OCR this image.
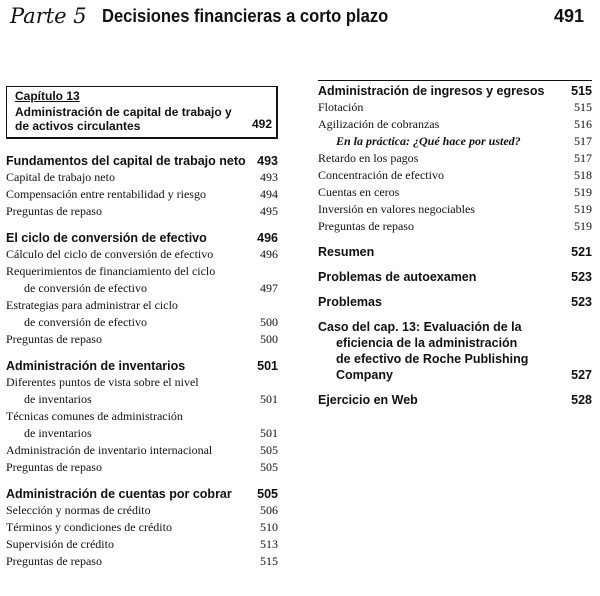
Parte 5 Decisiones financieras a corto plazo	491
Capítulo 13
Administración de capital de trabajo y de activos circulantes	492
Fundamentos del capital de trabajo neto 493
Capital de trabajo neto	493
Compensación entre rentabilidad y riesgo	494
Preguntas de repaso	495
El ciclo de conversión de efectivo	496
Cálculo del ciclo de conversión de efectivo	496
Requerimientos de financiamiento del ciclo
de conversión de efectivo	497
Estrategias para administrar el ciclo
de conversión de efectivo	500
Preguntas de repaso	500
Administración de inventarios	501
Diferentes puntos de vista sobre el nivel
de inventarios	501
Técnicas comunes de administración
de inventarios	501
Administración de inventario internacional	505
Preguntas de repaso	505
Administración de cuentas por cobrar	505
Selección y normas de crédito	506
Términos y condiciones de crédito	510
Supervisión de crédito	513
Preguntas de repaso	515
Administración de ingresos y egresos	515
Flotación	515
Agilización de cobranzas	516
En la práctica: ¿Qué hace por usted?	517
Retardo en los pagos	517
Concentración de efectivo	518
Cuentas en ceros	519
Inversión en valores negociables	519
Preguntas de repaso	519
Resumen	521
Problemas de autoexamen	523
Problemas	523
Caso del cap. 13: Evaluación de la
eficiencia de la administración
de efectivo de Roche Publishing
Company	527
Ejercicio en Web	528
